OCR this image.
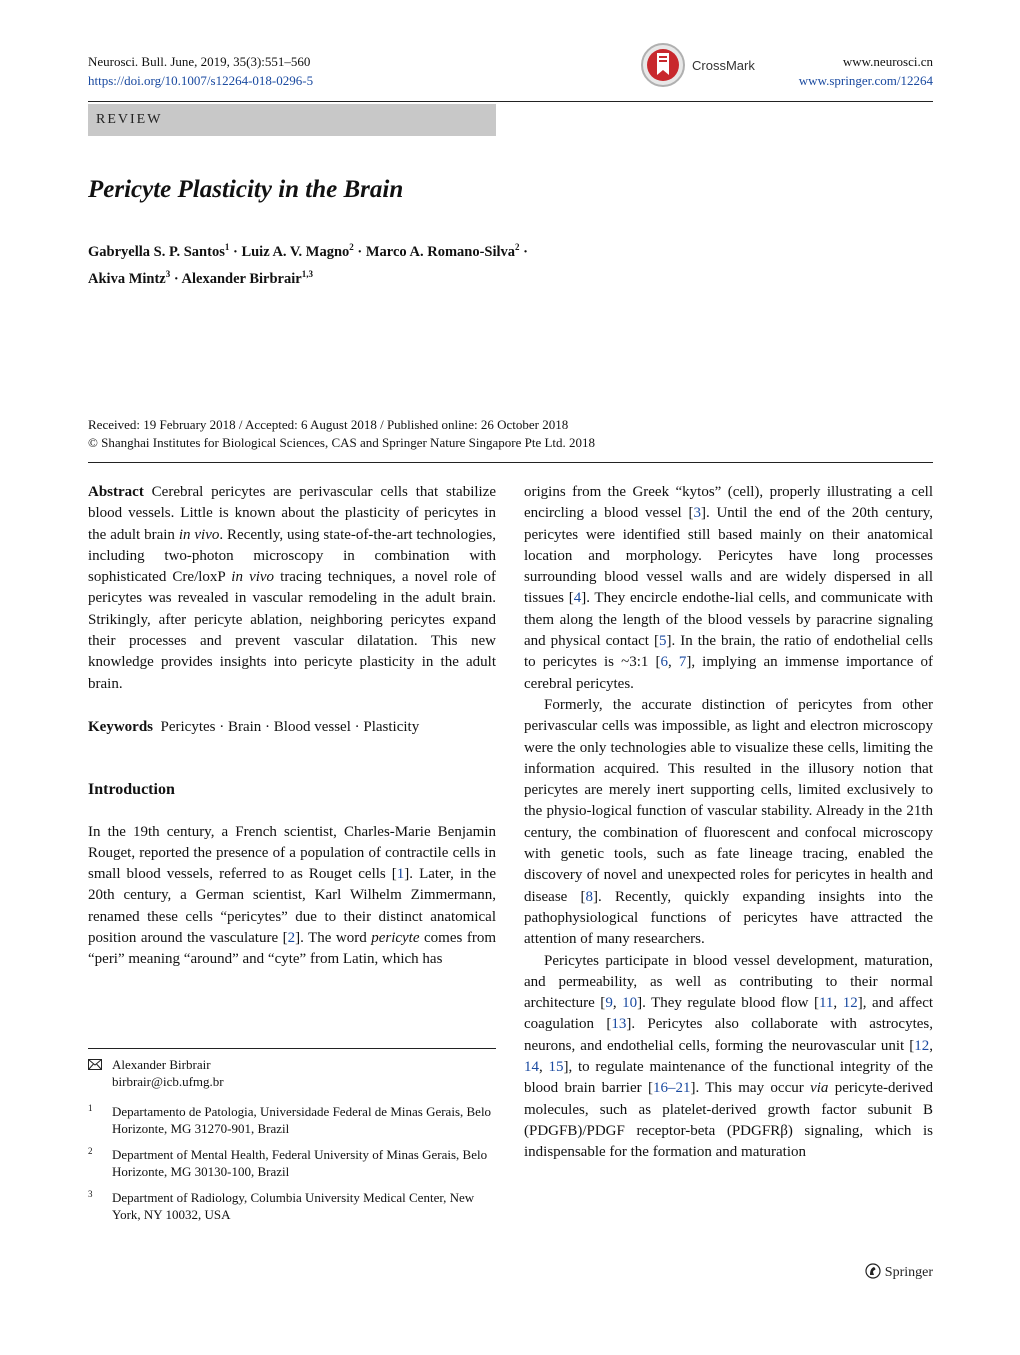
Neurosci. Bull. June, 2019, 35(3):551–560
https://doi.org/10.1007/s12264-018-0296-5
CrossMark	www.neurosci.cn
www.springer.com/12264
REVIEW
Pericyte Plasticity in the Brain
Gabryella S. P. Santos$^1$ · Luiz A. V. Magno$^2$ · Marco A. Romano-Silva$^2$ ·
Akiva Mintz$^3$ · Alexander Birbrair$^{1,3}$
Received: 19 February 2018 / Accepted: 6 August 2018 / Published online: 26 October 2018
© Shanghai Institutes for Biological Sciences, CAS and Springer Nature Singapore Pte Ltd. 2018

Abstract Cerebral pericytes are perivascular cells that stabilize blood vessels. Little is known about the plasticity of pericytes in the adult brain in vivo. Recently, using state-of-the-art technologies, including two-photon microscopy in combination with sophisticated Cre/loxP in vivo tracing techniques, a novel role of pericytes was revealed in vascular remodeling in the adult brain. Strikingly, after pericyte ablation, neighboring pericytes expand their processes and prevent vascular dilatation. This new knowledge provides insights into pericyte plasticity in the adult brain.

Keywords Pericytes · Brain · Blood vessel · Plasticity

Introduction

In the 19th century, a French scientist, Charles-Marie Benjamin Rouget, reported the presence of a population of contractile cells in small blood vessels, referred to as Rouget cells [1]. Later, in the 20th century, a German scientist, Karl Wilhelm Zimmermann, renamed these cells “pericytes” due to their distinct anatomical position around the vasculature [2]. The word pericyte comes from “peri” meaning “around” and “cyte” from Latin, which has

origins from the Greek “kytos” (cell), properly illustrating a cell encircling a blood vessel [3]. Until the end of the 20th century, pericytes were identified still based mainly on their anatomical location and morphology. Pericytes have long processes surrounding blood vessel walls and are widely dispersed in all tissues [4]. They encircle endothe-lial cells, and communicate with them along the length of the blood vessels by paracrine signaling and physical contact [5]. In the brain, the ratio of endothelial cells to pericytes is ~3:1 [6, 7], implying an immense importance of cerebral pericytes.

Formerly, the accurate distinction of pericytes from other perivascular cells was impossible, as light and electron microscopy were the only technologies able to visualize these cells, limiting the information acquired. This resulted in the illusory notion that pericytes are merely inert supporting cells, limited exclusively to the physio-logical function of vascular stability. Already in the 21th century, the combination of fluorescent and confocal microscopy with genetic tools, such as fate lineage tracing, enabled the discovery of novel and unexpected roles for pericytes in health and disease [8]. Recently, quickly expanding insights into the pathophysiological functions of pericytes have attracted the attention of many researchers.

Pericytes participate in blood vessel development, maturation, and permeability, as well as contributing to their normal architecture [9, 10]. They regulate blood flow [11, 12], and affect coagulation [13]. Pericytes also collaborate with astrocytes, neurons, and endothelial cells, forming the neurovascular unit [12, 14, 15], to regulate maintenance of the functional integrity of the blood brain barrier [16–21]. This may occur via pericyte-derived molecules, such as platelet-derived growth factor subunit B (PDGFB)/PDGF receptor-beta (PDGFRβ) signaling, which is indispensable for the formation and maturation

Alexander Birbrair
birbrair@icb.ufmg.br
1 Departamento de Patologia, Universidade Federal de Minas Gerais, Belo Horizonte, MG 31270-901, Brazil
2 Department of Mental Health, Federal University of Minas Gerais, Belo Horizonte, MG 30130-100, Brazil
3 Department of Radiology, Columbia University Medical Center, New York, NY 10032, USA
Springer
